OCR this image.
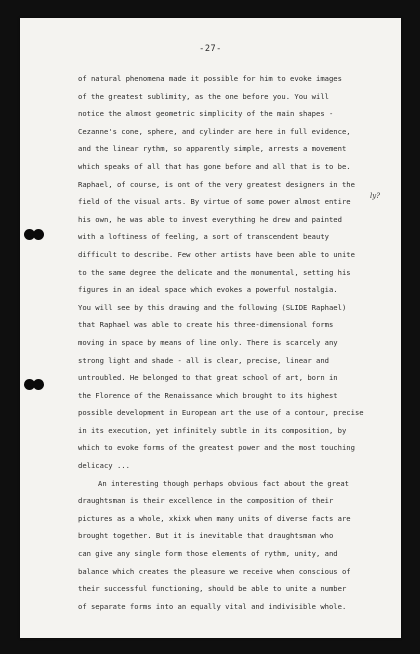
-27-
ly?
of natural phenomena made it possible for him to evoke images
of the greatest sublimity, as the one before you. You will
notice the almost geometric simplicity of the main shapes -
Cezanne's cone, sphere, and cylinder are here in full evidence,
and the linear rythm, so apparently simple, arrests a movement
which speaks of all that has gone before and all that is to be.
Raphael, of course, is ont of the very greatest designers in the
field of the visual arts. By virtue of some power almost entire
his own, he was able to invest everything he drew and painted
with a loftiness of feeling, a sort of transcendent beauty
difficult to describe. Few other artists have been able to unite
to the same degree the delicate and the monumental, setting his
figures in an ideal space which evokes a powerful nostalgia.
You will see by this drawing and the following (SLIDE Raphael)
that Raphael was able to create his three-dimensional forms
moving in space by means of line only. There is scarcely any
strong light and shade - all is clear, precise, linear and
untroubled. He belonged to that great school of art, born in
the Florence of the Renaissance which brought to its highest
possible development in European art the use of a contour, precise
in its execution, yet infinitely subtle in its composition, by
which to evoke forms of the greatest power and the most touching
delicacy ...
An interesting though perhaps obvious fact about the great
draughtsman is their excellence in the composition of their
pictures as a whole, xkixk when many units of diverse facts are
brought together. But it is inevitable that draughtsman who
can give any single form those elements of rythm, unity, and
balance which creates the pleasure we receive when conscious of
their successful functioning, should be able to unite a number
of separate forms into an equally vital and indivisible whole.
